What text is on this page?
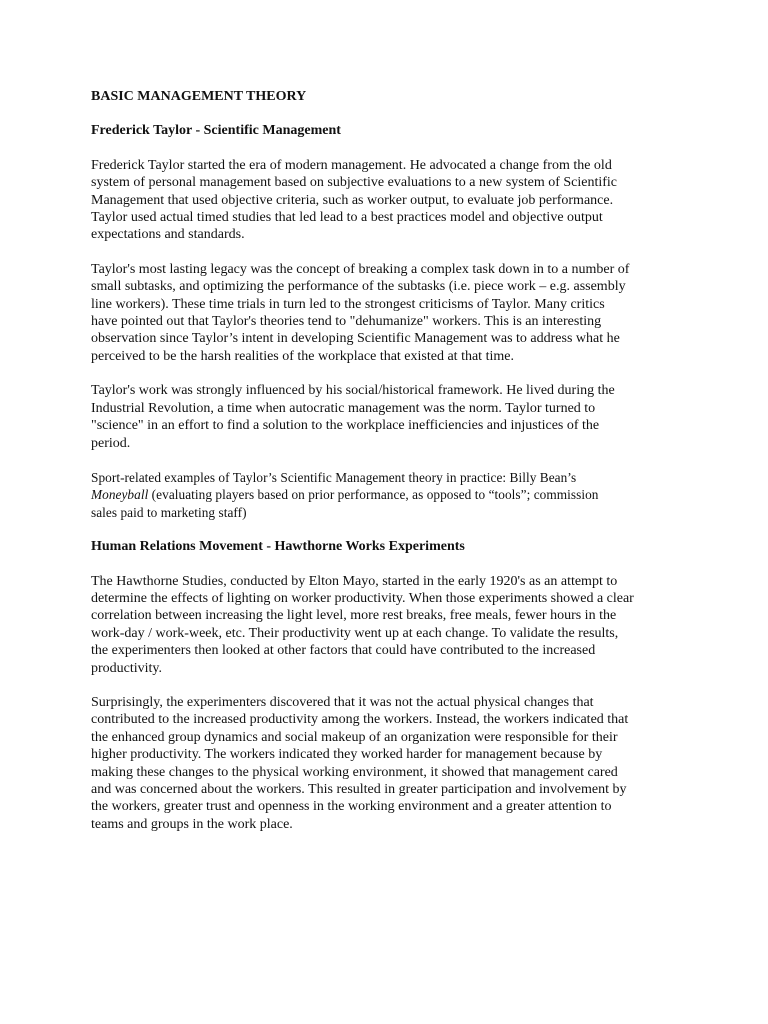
BASIC MANAGEMENT THEORY
Frederick Taylor - Scientific Management
Frederick Taylor started the era of modern management. He advocated a change from the old
system of personal management based on subjective evaluations to a new system of Scientific
Management that used objective criteria, such as worker output, to evaluate job performance.
Taylor used actual timed studies that led lead to a best practices model and objective output
expectations and standards.
Taylor's most lasting legacy was the concept of breaking a complex task down in to a number of
small subtasks, and optimizing the performance of the subtasks (i.e. piece work – e.g. assembly
line workers). These time trials in turn led to the strongest criticisms of Taylor. Many critics
have pointed out that Taylor's theories tend to "dehumanize" workers. This is an interesting
observation since Taylor’s intent in developing Scientific Management was to address what he
perceived to be the harsh realities of the workplace that existed at that time.
Taylor's work was strongly influenced by his social/historical framework. He lived during the
Industrial Revolution, a time when autocratic management was the norm. Taylor turned to
"science" in an effort to find a solution to the workplace inefficiencies and injustices of the
period.
Sport-related examples of Taylor’s Scientific Management theory in practice: Billy Bean’s
Moneyball (evaluating players based on prior performance, as opposed to “tools”; commission
sales paid to marketing staff)
Human Relations Movement - Hawthorne Works Experiments
The Hawthorne Studies, conducted by Elton Mayo, started in the early 1920's as an attempt to
determine the effects of lighting on worker productivity. When those experiments showed a clear
correlation between increasing the light level, more rest breaks, free meals, fewer hours in the
work-day / work-week, etc. Their productivity went up at each change. To validate the results,
the experimenters then looked at other factors that could have contributed to the increased
productivity.
Surprisingly, the experimenters discovered that it was not the actual physical changes that
contributed to the increased productivity among the workers. Instead, the workers indicated that
the enhanced group dynamics and social makeup of an organization were responsible for their
higher productivity. The workers indicated they worked harder for management because by
making these changes to the physical working environment, it showed that management cared
and was concerned about the workers. This resulted in greater participation and involvement by
the workers, greater trust and openness in the working environment and a greater attention to
teams and groups in the work place.
